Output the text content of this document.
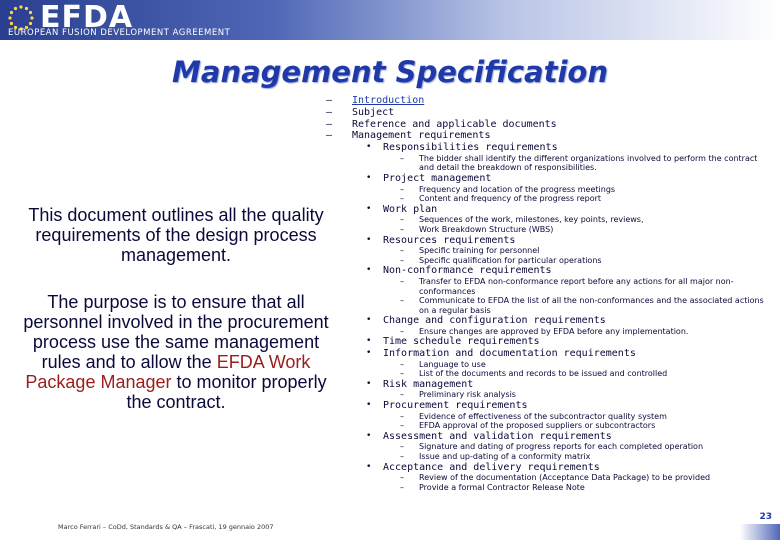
EFDA
EUROPEAN FUSION DEVELOPMENT AGREEMENT
Management Specification
This document outlines all the quality requirements of the design process management.
The purpose is to ensure that all personnel involved in the procurement process use the same management rules and to allow the EFDA Work Package Manager to monitor properly the contract.
– Introduction
– Subject
– Reference and applicable documents
– Management requirements
• Responsibilities requirements
– The bidder shall identify the different organizations involved to perform the contract and detail the breakdown of responsibilities.
• Project management
– Frequency and location of the progress meetings
– Content and frequency of the progress report
• Work plan
– Sequences of the work, milestones, key points, reviews,
– Work Breakdown Structure (WBS)
• Resources requirements
– Specific training for personnel
– Specific qualification for particular operations
• Non-conformance requirements
– Transfer to EFDA non-conformance report before any actions for all major non-conformances
– Communicate to EFDA the list of all the non-conformances and the associated actions on a regular basis
• Change and configuration requirements
– Ensure changes are approved by EFDA before any implementation.
• Time schedule requirements
• Information and documentation requirements
– Language to use
– List of the documents and records to be issued and controlled
• Risk management
– Preliminary risk analysis
• Procurement requirements
– Evidence of effectiveness of the subcontractor quality system
– EFDA approval of the proposed suppliers or subcontractors
• Assessment and validation requirements
– Signature and dating of progress reports for each completed operation
– Issue and up-dating of a conformity matrix
• Acceptance and delivery requirements
– Review of the documentation (Acceptance Data Package) to be provided
– Provide a formal Contractor Release Note
Marco Ferrari – CoDd, Standards & QA – Frascati, 19 gennaio 2007
23
